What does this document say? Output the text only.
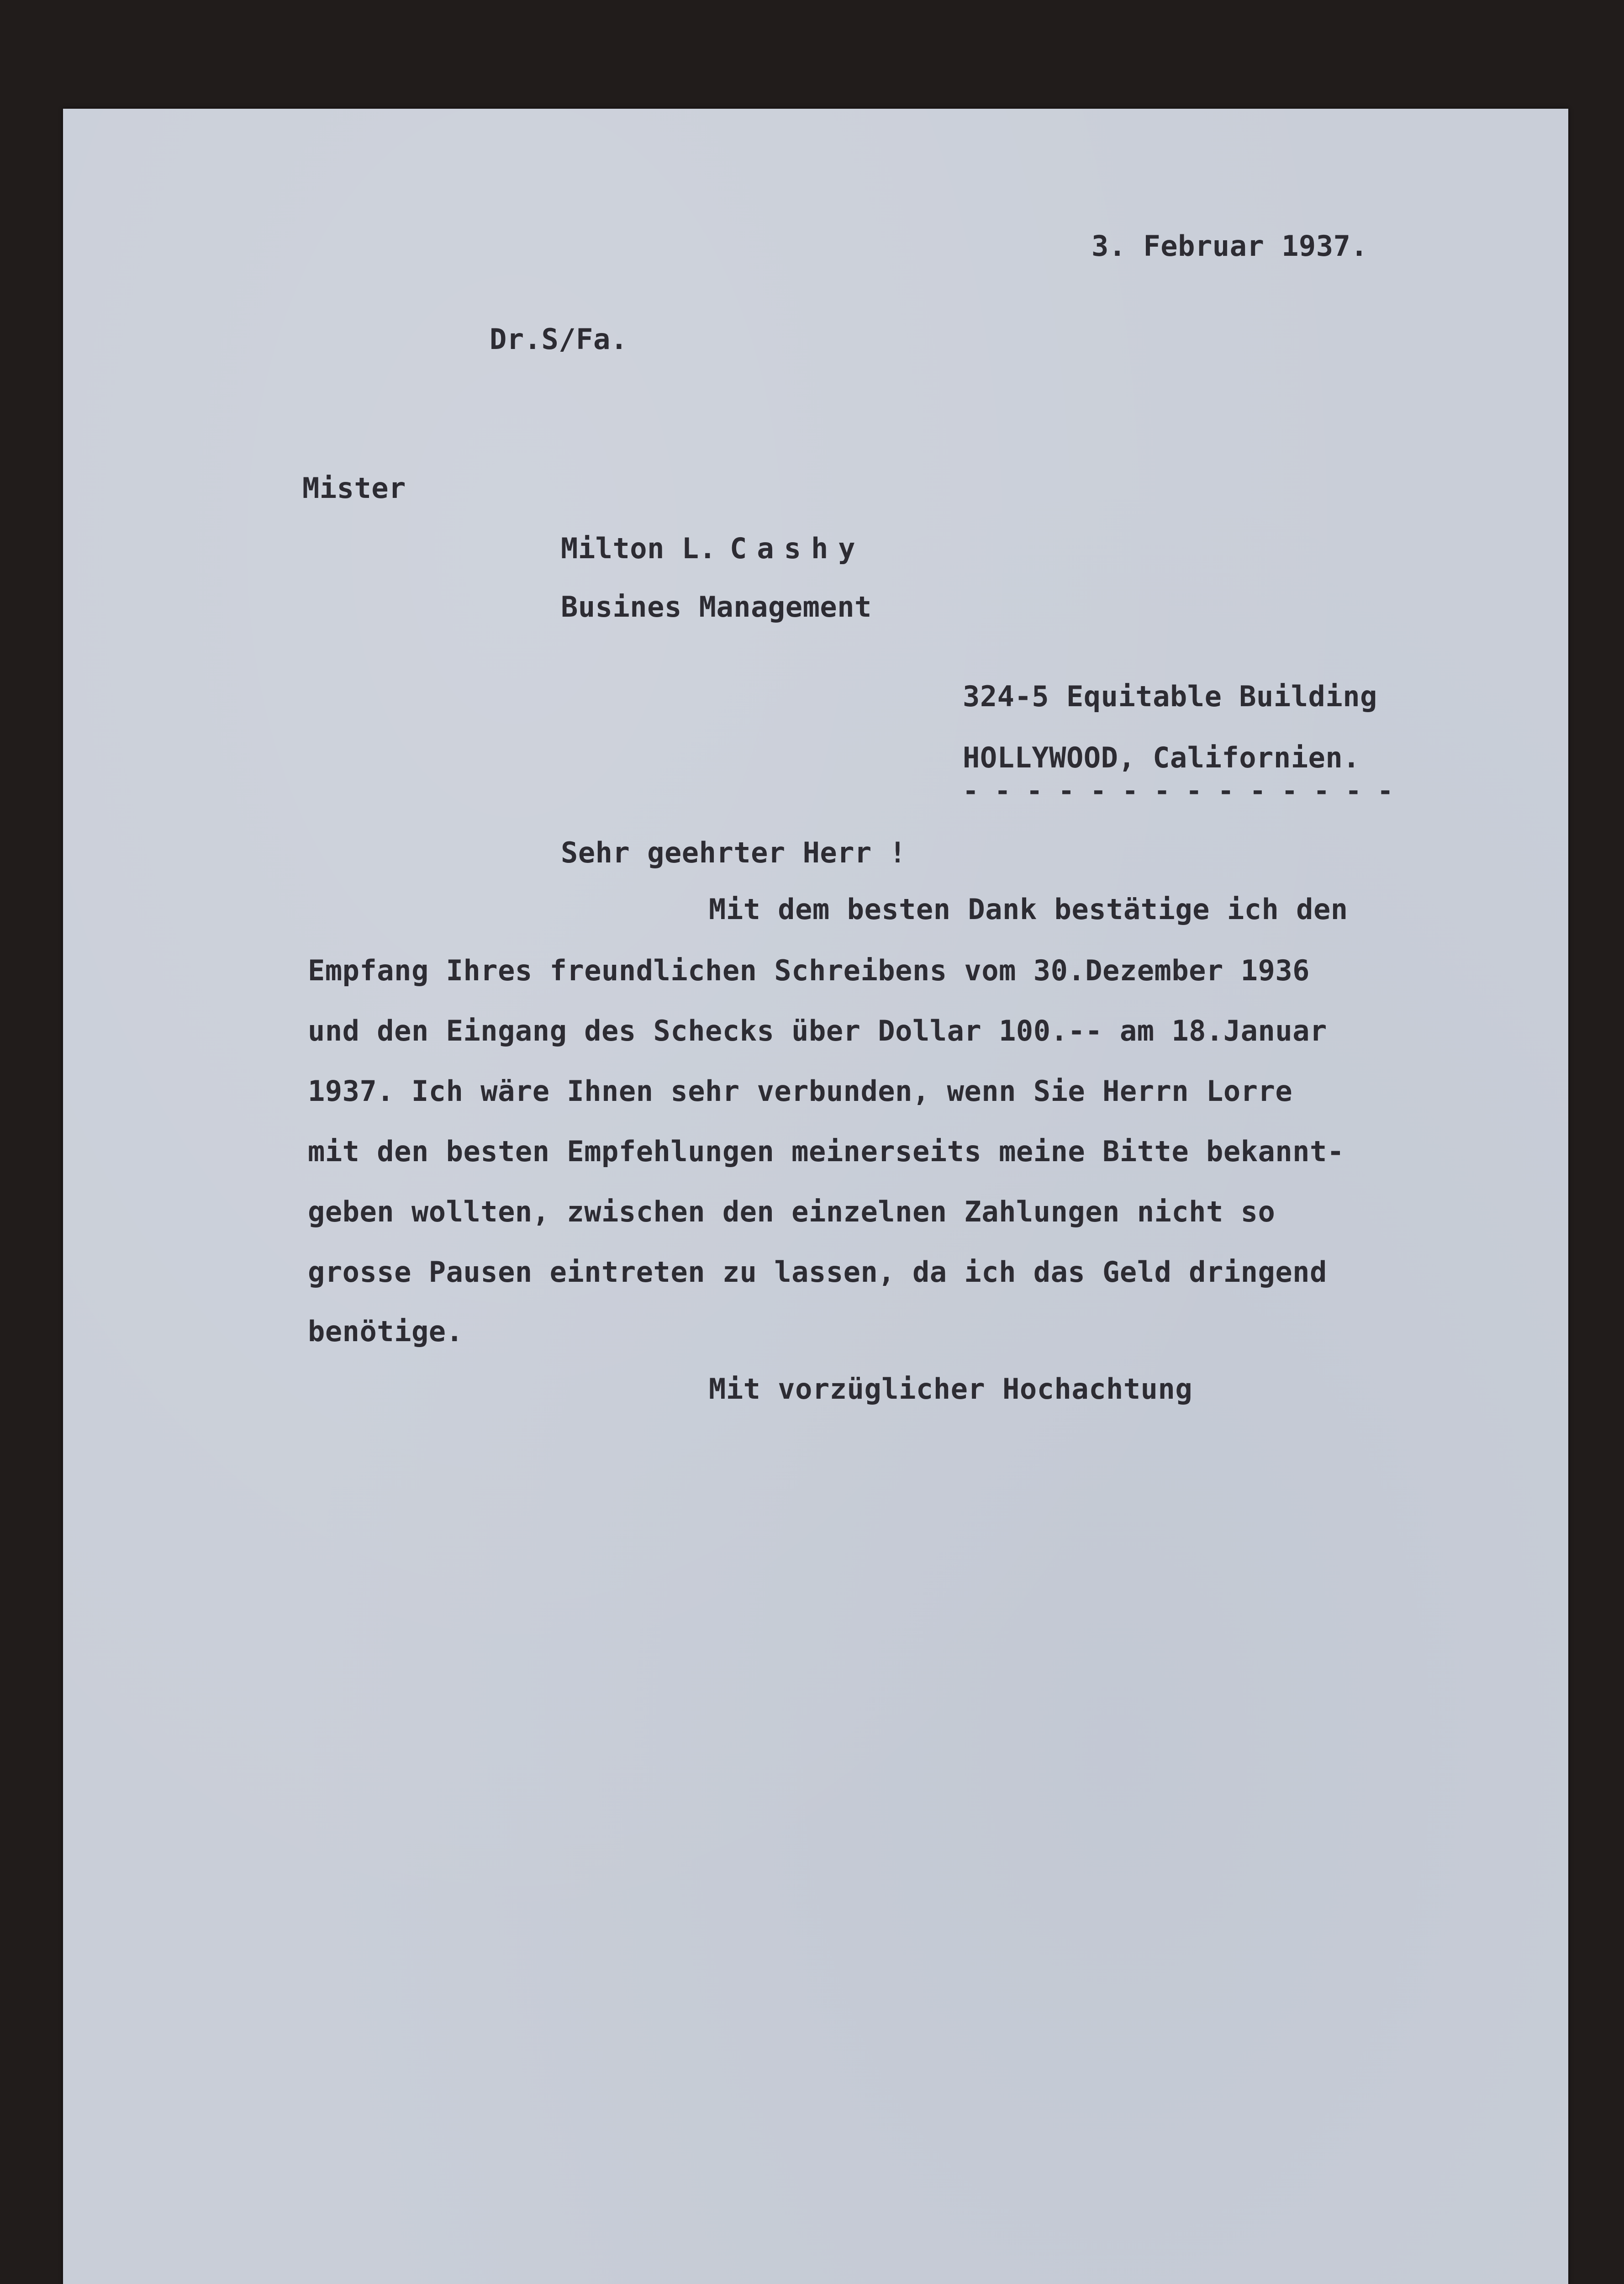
3. Februar 1937.

Dr.S/Fa.

Mister

Milton L. Cashy

Busines Management

324-5 Equitable Building

HOLLYWOOD, Californien.

- - - - - - - - - - - - - -

Sehr geehrter Herr !

Mit dem besten Dank bestätige ich den

Empfang Ihres freundlichen Schreibens vom 30.Dezember 1936

und den Eingang des Schecks über Dollar 100.-- am 18.Januar

1937. Ich wäre Ihnen sehr verbunden, wenn Sie Herrn Lorre

mit den besten Empfehlungen meinerseits meine Bitte bekannt-

geben wollten, zwischen den einzelnen Zahlungen nicht so

grosse Pausen eintreten zu lassen, da ich das Geld dringend

benötige.

Mit vorzüglicher Hochachtung
